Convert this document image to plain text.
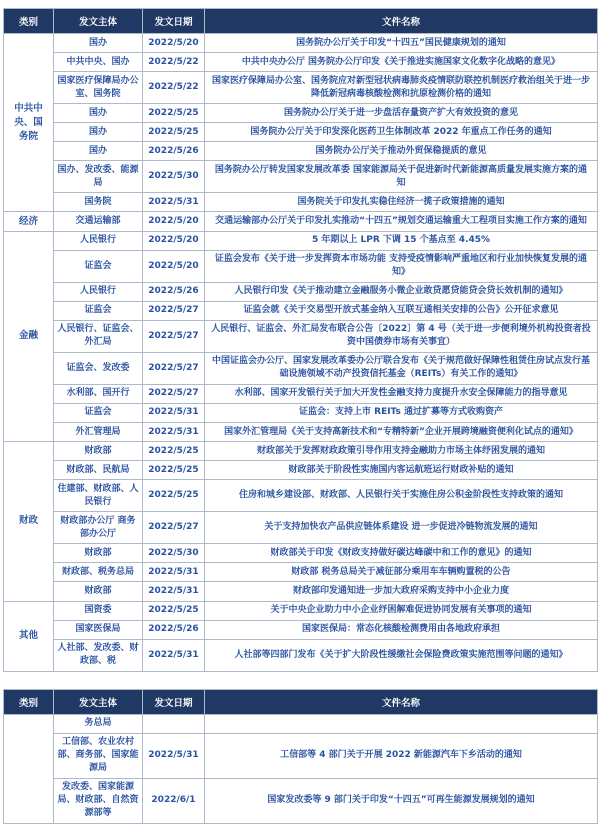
类别	发文主体	发文日期	文件名称
中共中央、国务院	国办	2022/5/20	国务院办公厅关于印发“十四五”国民健康规划的通知
	中共中央、国办	2022/5/22	中共中央办公厅 国务院办公厅印发《关于推进实施国家文化数字化战略的意见》
	国家医疗保障局办公室、国务院	2022/5/22	国家医疗保障局办公室、国务院应对新型冠状病毒肺炎疫情联防联控机制医疗救治组关于进一步降低新冠病毒核酸检测和抗原检测价格的通知
	国办	2022/5/25	国务院办公厅关于进一步盘活存量资产扩大有效投资的意见
	国办	2022/5/25	国务院办公厅关于印发深化医药卫生体制改革 2022 年重点工作任务的通知
	国办	2022/5/26	国务院办公厅关于推动外贸保稳提质的意见
	国办、发改委、能源局	2022/5/30	国务院办公厅转发国家发展改革委 国家能源局关于促进新时代新能源高质量发展实施方案的通知
	国务院	2022/5/31	国务院关于印发扎实稳住经济一揽子政策措施的通知
经济	交通运输部	2022/5/20	交通运输部办公厅关于印发扎实推动“十四五”规划交通运输重大工程项目实施工作方案的通知
金融	人民银行	2022/5/20	5 年期以上 LPR 下调 15 个基点至 4.45%
	证监会	2022/5/20	证监会发布《关于进一步发挥资本市场功能 支持受疫情影响严重地区和行业加快恢复发展的通知》
	人民银行	2022/5/26	人民银行印发《关于推动建立金融服务小微企业敢贷愿贷能贷会贷长效机制的通知》
	证监会	2022/5/27	证监会就《关于交易型开放式基金纳入互联互通相关安排的公告》公开征求意见
	人民银行、证监会、外汇局	2022/5/27	人民银行、证监会、外汇局发布联合公告〔2022〕第 4 号（关于进一步便利境外机构投资者投资中国债券市场有关事宜）
	证监会、发改委	2022/5/27	中国证监会办公厅、国家发展改革委办公厅联合发布《关于规范做好保障性租赁住房试点发行基础设施领域不动产投资信托基金（REITs）有关工作的通知》
	水利部、国开行	2022/5/27	水利部、国家开发银行关于加大开发性金融支持力度提升水安全保障能力的指导意见
	证监会	2022/5/31	证监会：支持上市 REITs 通过扩募等方式收购资产
	外汇管理局	2022/5/31	国家外汇管理局《关于支持高新技术和“专精特新”企业开展跨境融资便利化试点的通知》
财政	财政部	2022/5/25	财政部关于发挥财政政策引导作用支持金融助力市场主体纾困发展的通知
	财政部、民航局	2022/5/25	财政部关于阶段性实施国内客运航班运行财政补贴的通知
	住建部、财政部、人民银行	2022/5/25	住房和城乡建设部、财政部、人民银行关于实施住房公积金阶段性支持政策的通知
	财政部办公厅 商务部办公厅	2022/5/27	关于支持加快农产品供应链体系建设 进一步促进冷链物流发展的通知
	财政部	2022/5/30	财政部关于印发《财政支持做好碳达峰碳中和工作的意见》的通知
	财政部、税务总局	2022/5/31	财政部 税务总局关于减征部分乘用车车辆购置税的公告
	财政部	2022/5/31	财政部印发通知进一步加大政府采购支持中小企业力度
其他	国资委	2022/5/25	关于中央企业助力中小企业纾困解难促进协同发展有关事项的通知
	国家医保局	2022/5/26	国家医保局：常态化核酸检测费用由各地政府承担
	人社部、发改委、财政部、税	2022/5/31	人社部等四部门发布《关于扩大阶段性缓缴社会保险费政策实施范围等问题的通知》
类别	发文主体	发文日期	文件名称
	务总局		
	工信部、农业农村部、商务部、国家能源局	2022/5/31	工信部等 4 部门关于开展 2022 新能源汽车下乡活动的通知
	发改委、国家能源局、财政部、自然资源部等	2022/6/1	国家发改委等 9 部门关于印发“十四五”可再生能源发展规划的通知
